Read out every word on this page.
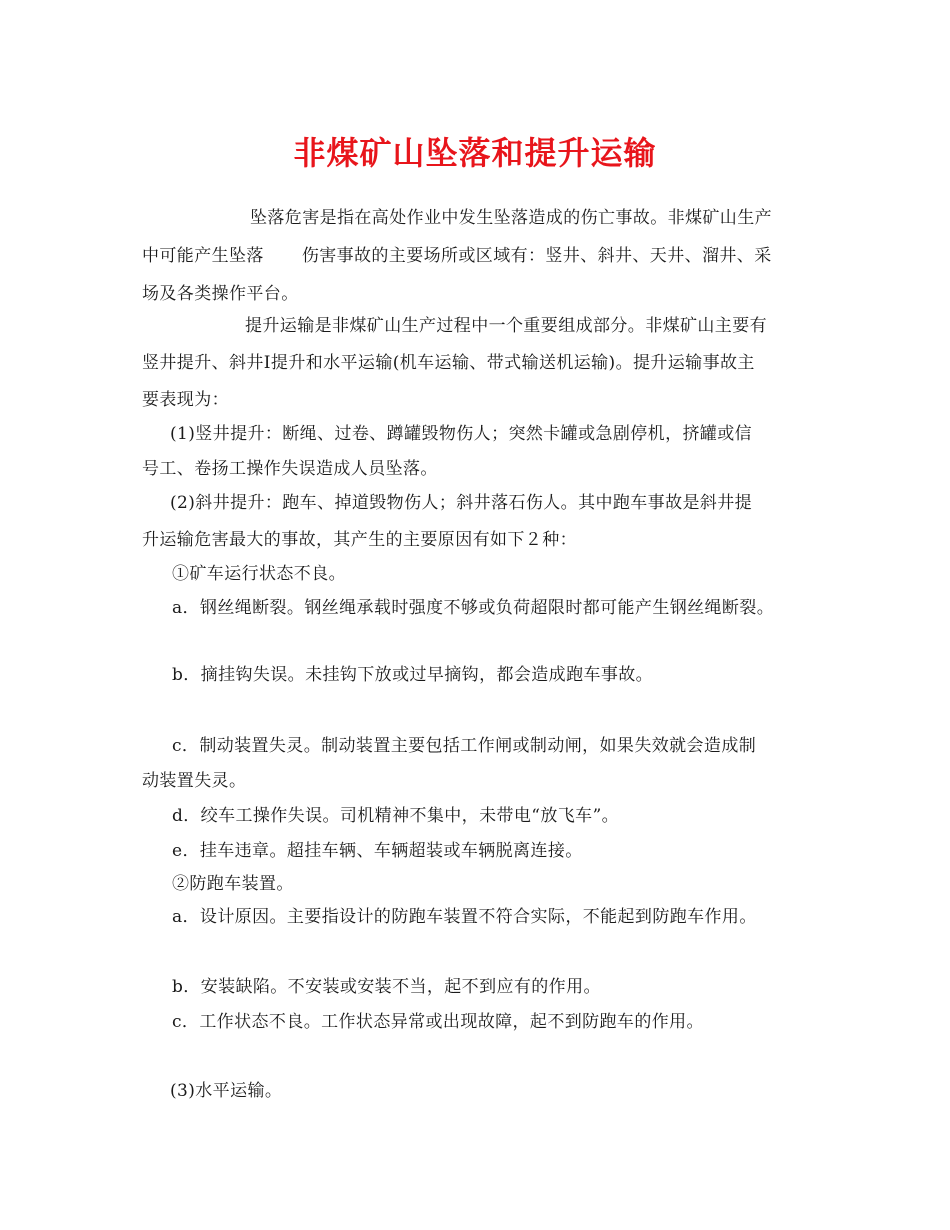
非煤矿山坠落和提升运输
坠落危害是指在高处作业中发生坠落造成的伤亡事故。非煤矿山生产
中可能产生坠落 伤害事故的主要场所或区域有：竖井、斜井、天井、溜井、采
场及各类操作平台。
提升运输是非煤矿山生产过程中一个重要组成部分。非煤矿山主要有
竖井提升、斜井Ⅰ提升和水平运输(机车运输、带式输送机运输)。提升运输事故主
要表现为：
(1)竖井提升：断绳、过卷、蹲罐毁物伤人；突然卡罐或急剧停机，挤罐或信
号工、卷扬工操作失误造成人员坠落。
(2)斜井提升：跑车、掉道毁物伤人；斜井落石伤人。其中跑车事故是斜井提
升运输危害最大的事故，其产生的主要原因有如下２种：
①矿车运行状态不良。
a．钢丝绳断裂。钢丝绳承载时强度不够或负荷超限时都可能产生钢丝绳断裂。
b．摘挂钩失误。未挂钩下放或过早摘钩，都会造成跑车事故。
c．制动装置失灵。制动装置主要包括工作闸或制动闸，如果失效就会造成制
动装置失灵。
d．绞车工操作失误。司机精神不集中，未带电“放飞车”。
e．挂车违章。超挂车辆、车辆超装或车辆脱离连接。
②防跑车装置。
a．设计原因。主要指设计的防跑车装置不符合实际，不能起到防跑车作用。
b．安装缺陷。不安装或安装不当，起不到应有的作用。
c．工作状态不良。工作状态异常或出现故障，起不到防跑车的作用。
(3)水平运输。
